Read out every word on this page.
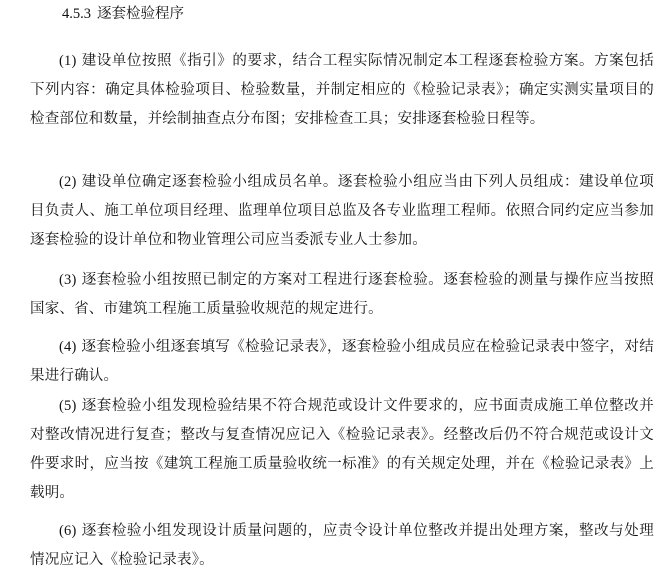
4.5.3 逐套检验程序

(1) 建设单位按照《指引》的要求，结合工程实际情况制定本工程逐套检验方案。方案包括下列内容：确定具体检验项目、检验数量，并制定相应的《检验记录表》；确定实测实量项目的检查部位和数量，并绘制抽查点分布图；安排检查工具；安排逐套检验日程等。

(2) 建设单位确定逐套检验小组成员名单。逐套检验小组应当由下列人员组成：建设单位项目负责人、施工单位项目经理、监理单位项目总监及各专业监理工程师。依照合同约定应当参加逐套检验的设计单位和物业管理公司应当委派专业人士参加。

(3) 逐套检验小组按照已制定的方案对工程进行逐套检验。逐套检验的测量与操作应当按照国家、省、市建筑工程施工质量验收规范的规定进行。

(4) 逐套检验小组逐套填写《检验记录表》，逐套检验小组成员应在检验记录表中签字，对结果进行确认。

(5) 逐套检验小组发现检验结果不符合规范或设计文件要求的，应书面责成施工单位整改并对整改情况进行复查；整改与复查情况应记入《检验记录表》。经整改后仍不符合规范或设计文件要求时，应当按《建筑工程施工质量验收统一标准》的有关规定处理，并在《检验记录表》上载明。

(6) 逐套检验小组发现设计质量问题的，应责令设计单位整改并提出处理方案，整改与处理情况应记入《检验记录表》。
